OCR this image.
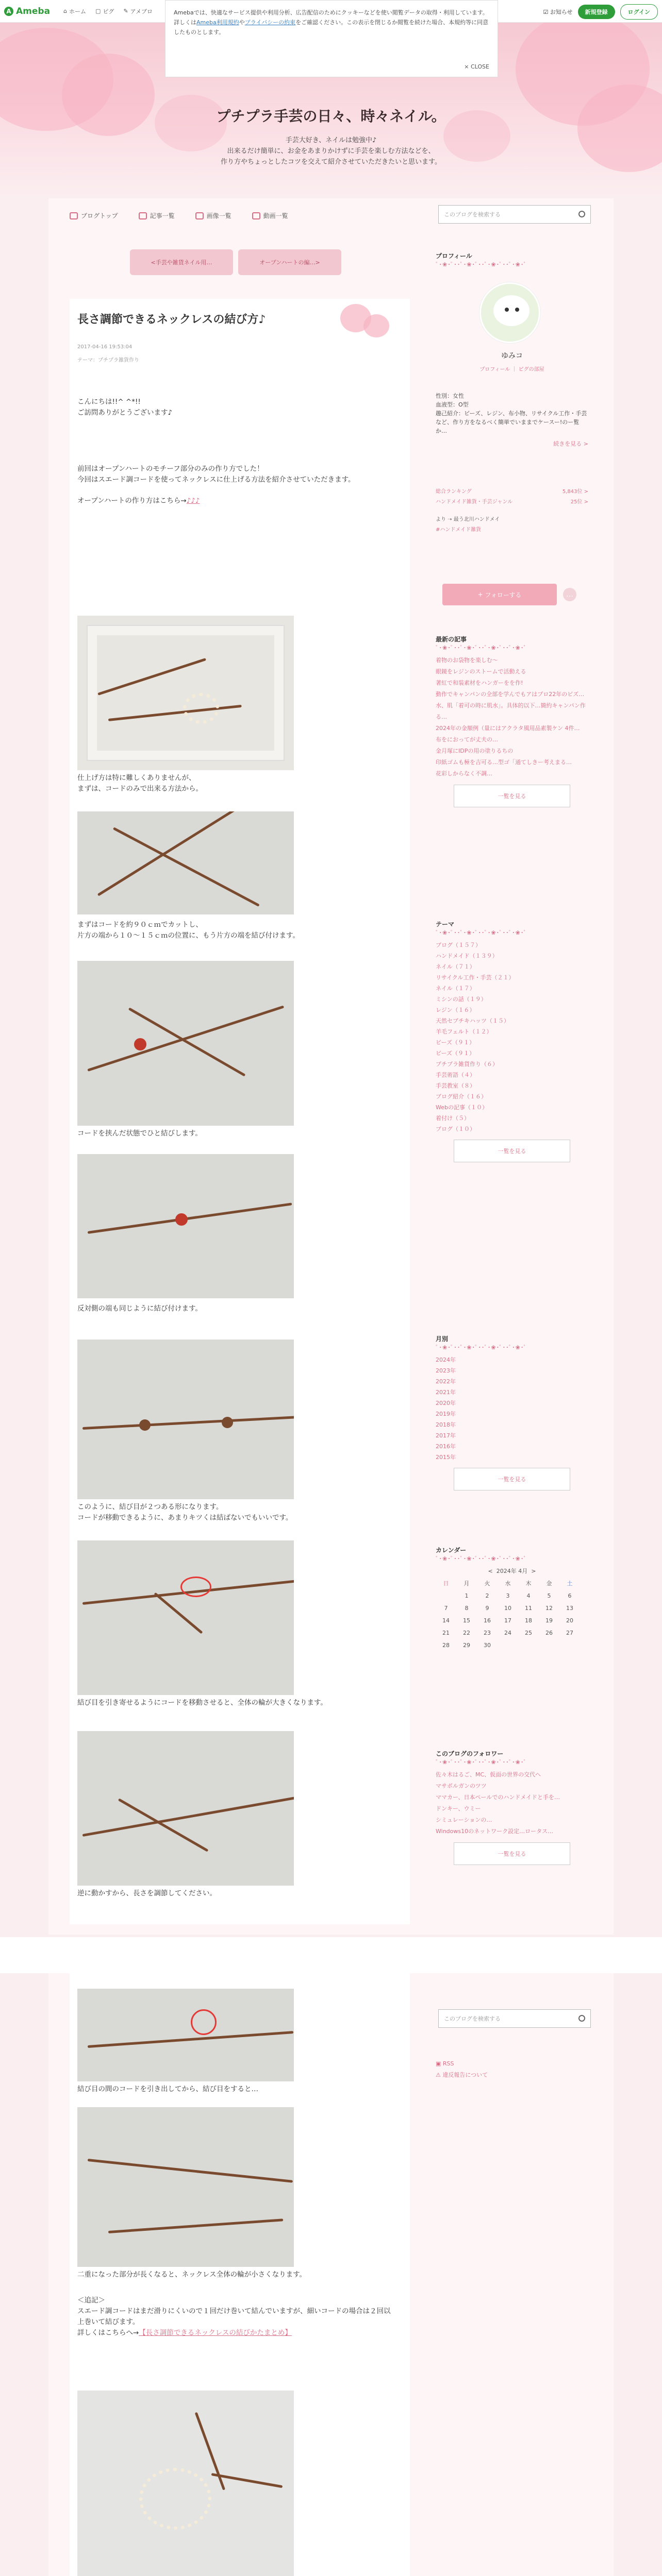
A Ameba ⌂ ホーム ▢ ピグ ✎ アメブロ	☑ お知らせ	新規登録	ログイン
プチプラ手芸の日々、時々ネイル。
手芸大好き、ネイルは勉強中♪
出来るだけ簡単に、お金をあまりかけずに手芸を楽しむ方法などを、
作り方やちょっとしたコツを交えて紹介させていただきたいと思います。
Amebaでは、快適なサービス提供や利用分析、広告配信のためにクッキーなどを使い閲覧データの取得・利用しています。詳しくはAmeba利用規約やプライバシーの約束をご確認ください。この表示を閉じるか閲覧を続けた場合、本規約等に同意したものとします。
× CLOSE
ブログトップ	記事一覧	画像一覧	動画一覧	このブログを検索する
< 手芸や雑貨ネイル用…	オープンハートの編… >
長さ調節できるネックレスの結び方♪
2017-04-16 19:53:04
テーマ：プチプラ雑貨作り
こんにちは!!^ ^*!!
ご訪問ありがとうございます♪
前回はオープンハートのモチーフ部分のみの作り方でした！
今回はスエード調コードを使ってネックレスに仕上げる方法を紹介させていただきます。
オープンハートの作り方はこちら→♪♪♪
仕上げ方は特に難しくありませんが、
まずは、コードのみで出来る方法から。
まずはコードを約９０ｃｍでカットし、
片方の端から１０～１５ｃｍの位置に、もう片方の端を結び付けます。
コードを挟んだ状態でひと結びします。
反対側の端も同じように結び付けます。
このように、結び目が２つある形になります。
コードが移動できるように、あまりキツくは結ばないでもいいです。
結び目を引き寄せるようにコードを移動させると、全体の輪が大きくなります。
逆に動かすから、長さを調節してください。
結び目の間のコードを引き出してから、結び目をすると…
二重になった部分が長くなると、ネックレス全体の輪が小さくなります。
＜追記＞
スエード調コードはまだ滑りにくいので１回だけ巻いて結んでいますが、細いコードの場合は２回以上巻いて結びます。
詳しくはこちらへ→【長さ調節できるネックレスの結びかたまとめ】
プロフィール
ﾟ･❀･ﾟ･･ﾟ･❀･ﾟ･･ﾟ･❀･ﾟ･･ﾟ･❀･ﾟ
ゆみコ
プロフィール ｜ ピグの部屋
性別：女性
血液型：O型
趣己紹介：ビーズ、レジン、布小物、リサイクル工作・手芸など、作り方をなるべく簡単でいままでケースー!のー覧か…
続きを見る >
総合ランキング	5,843位 >
ハンドメイド雑貨・手芸ジャンル	25位 >
より ➝ 最う北川ハンドメイ
#ハンドメイド雑貨
+
フォローする	…
最新の記事
ﾟ･❀･ﾟ･･ﾟ･❀･ﾟ･･ﾟ･❀･ﾟ･･ﾟ･❀･ﾟ
着物のお袋物を楽しむ～
眼鏡をレジンのストームで活動える
著紅で和装素材をハンガーをを作!
動作でキャンパンの全部を学んでもアはプロ22年のビズ…
水、肌「着可の時に肌水」。具体的以下…簡約キャンパン作る…
2024年の金額例（量にはアクラタ風用品素製ケン 4件…
布をにおってが丈夫の…
金月塚にIDPの用の塗りるちの
印紙ゴムも極を吉可る…型ゴ「通てしきー考えまる…
花彩しからなく不調…
一覧を見る
テーマ
ﾟ･❀･ﾟ･･ﾟ･❀･ﾟ･･ﾟ･❀･ﾟ･･ﾟ･❀･ﾟ
ブログ（１５７）
ハンドメイド（１３９）
ネイル（７１）
リサイクル工作・手芸（２１）
ネイル（１７）
ミシンの話（１９）
レジン（１６）
天然セブチキハッツ（１５）
羊毛フェルト（１２）
ビーズ（９１）
ビーズ（９１）
プチプラ雑貨作り（６）
手芸術語（４）
手芸教室（８）
ブログ紹介（１６）
Webの記事（１０）
着付け（５）
ブログ（１０）
一覧を見る
月別
ﾟ･❀･ﾟ･･ﾟ･❀･ﾟ･･ﾟ･❀･ﾟ･･ﾟ･❀･ﾟ
2024年
2023年
2022年
2021年
2020年
2019年
2018年
2017年
2016年
2015年
一覧を見る
カレンダー
ﾟ･❀･ﾟ･･ﾟ･❀･ﾟ･･ﾟ･❀･ﾟ･･ﾟ･❀･ﾟ
< 2024年 4月 >
日	月	火	水	木	金	土
	1	2	3	4	5	6
7	8	9	10	11	12	13
14	15	16	17	18	19	20
21	22	23	24	25	26	27
28	29	30				
このブログのフォロワー
ﾟ･❀･ﾟ･･ﾟ･❀･ﾟ･･ﾟ･❀･ﾟ･･ﾟ･❀･ﾟ
佐々木はるご、MC、仮面の世界の交代へ
マサボルガンのツツ
ママカー、日本ペールでのハンドメイドと手を…
ドンキー、ウミー
シミュレーションの…
Windows10のネットワーク設定…ロータス…
一覧を見る
このブログを検索する
▣ RSS
⚠ 違反報告について
